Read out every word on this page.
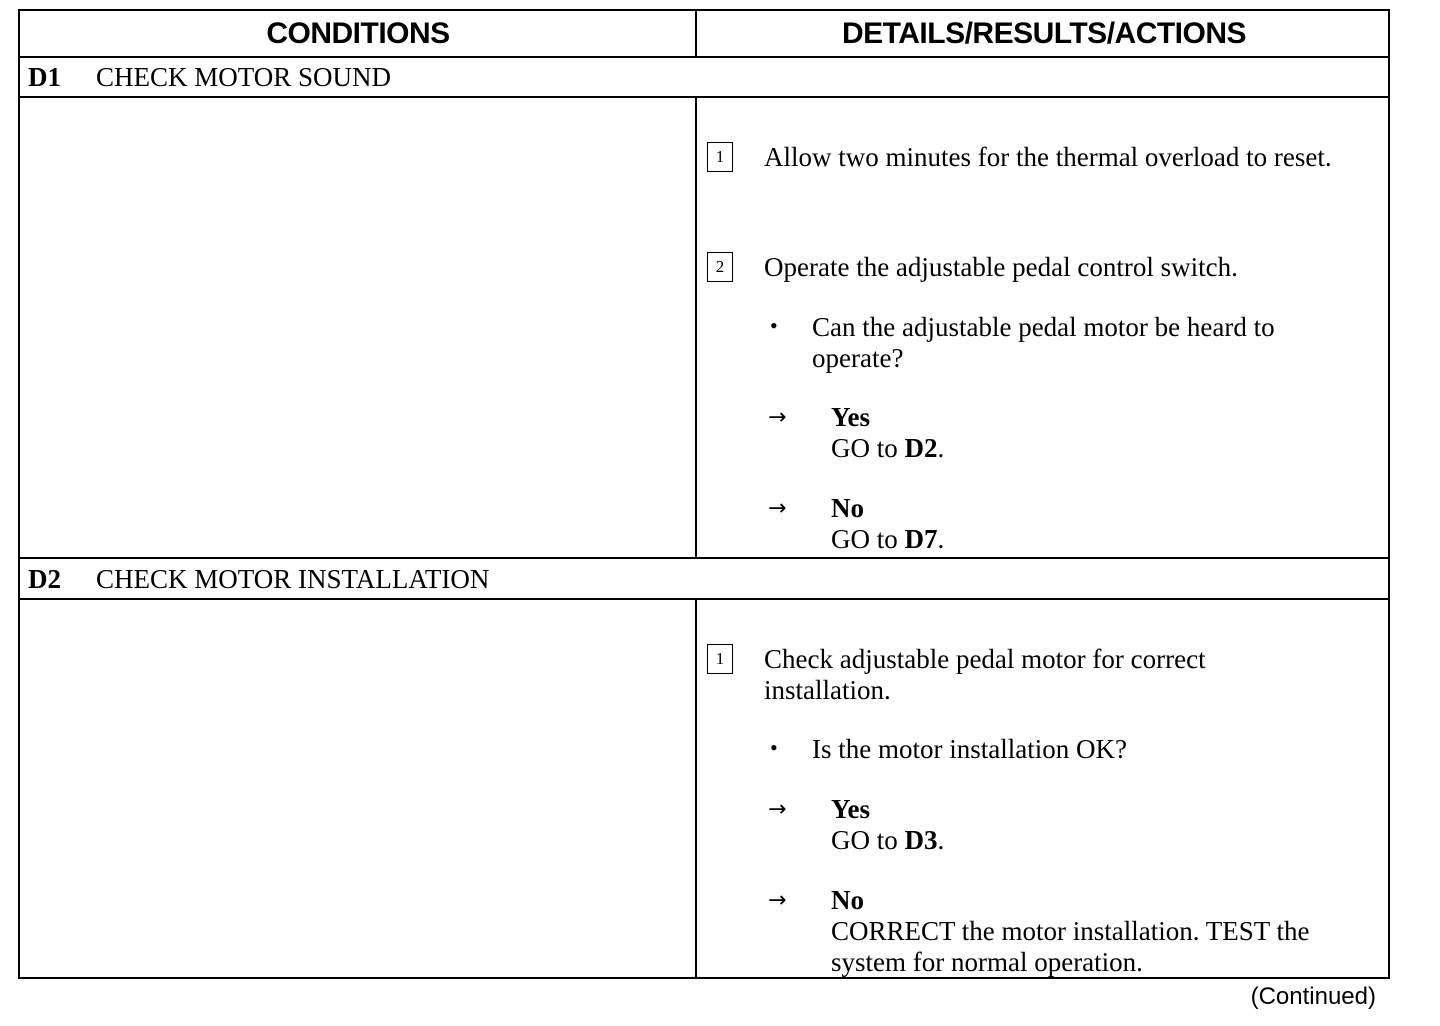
CONDITIONS	DETAILS/RESULTS/ACTIONS
D1 CHECK MOTOR SOUND
1	Allow two minutes for the thermal overload to reset.
2	Operate the adjustable pedal control switch.
• Can the adjustable pedal motor be heard to operate?
→ Yes
GO to D2.
→ No
GO to D7.
D2 CHECK MOTOR INSTALLATION
1	Check adjustable pedal motor for correct installation.
• Is the motor installation OK?
→ Yes
GO to D3.
→ No
CORRECT the motor installation. TEST the system for normal operation.
(Continued)
